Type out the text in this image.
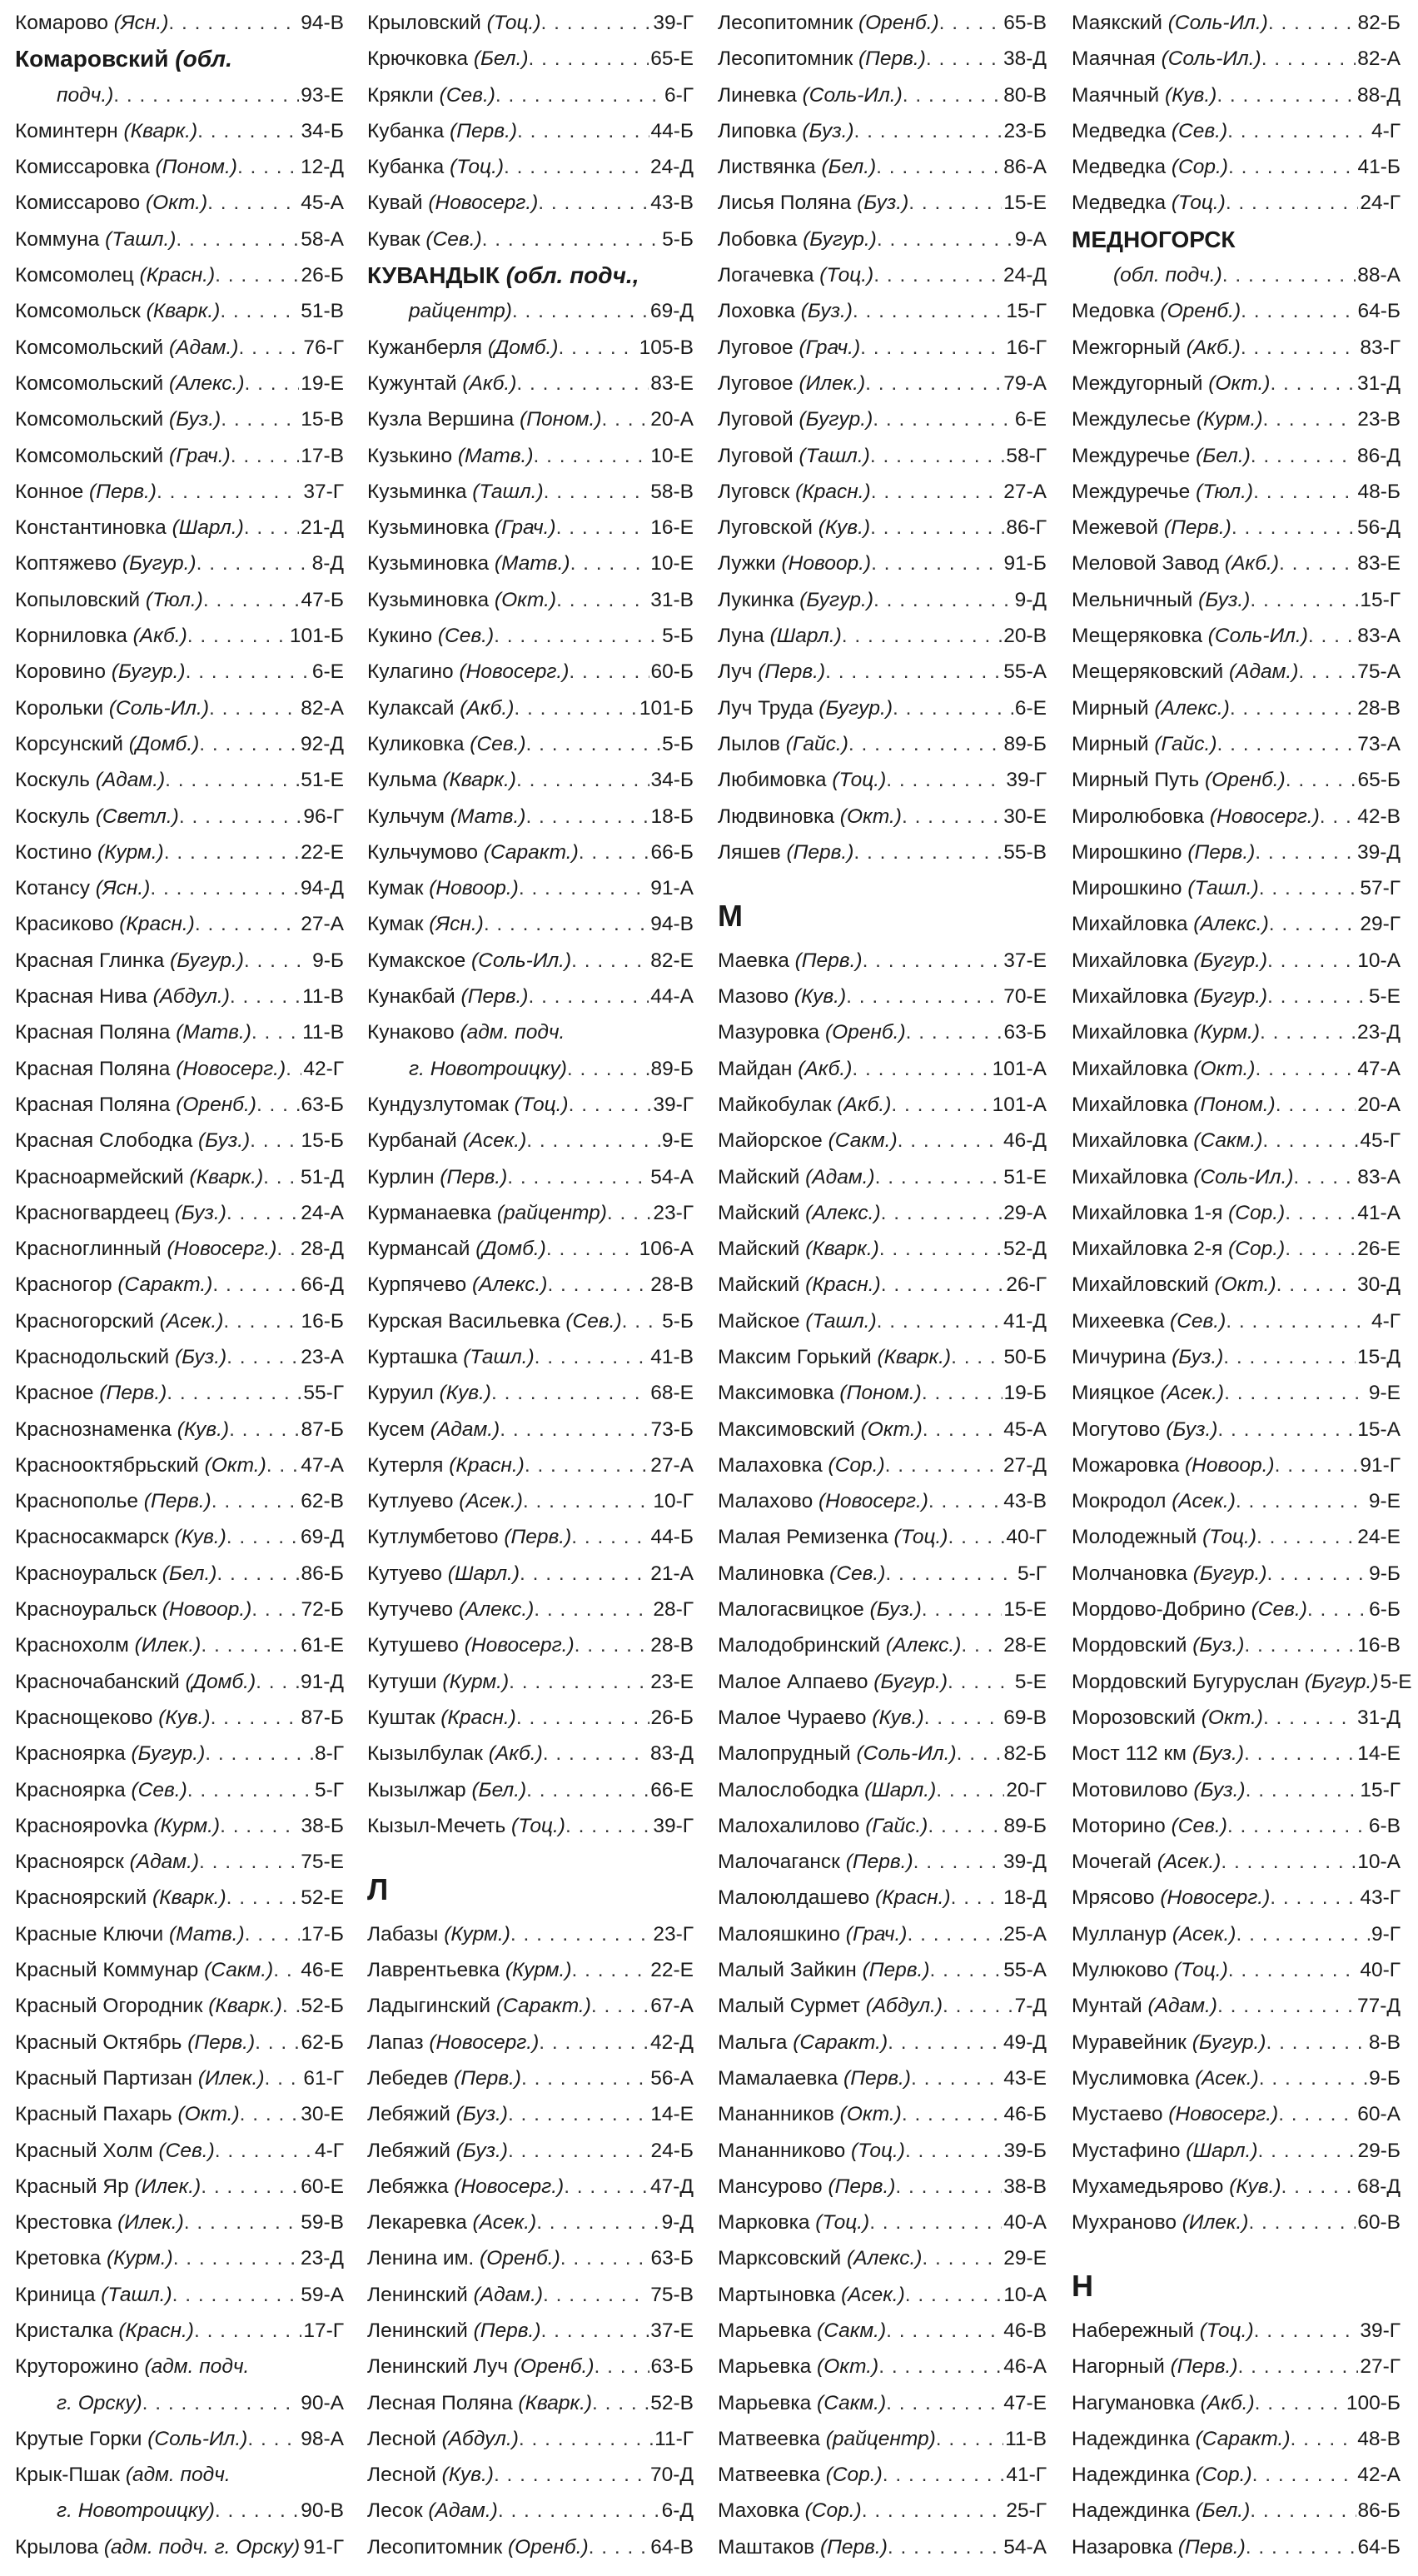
Комарово (Ясн.) . . .	94-В
Комаровский (обл.
подч.) . . .	93-Е
Коминтерн (Кварк.) . . .	34-Б
Комиссаровка (Поном.) . . .	12-Д
Комиссарово (Окт.) . . .	45-А
Коммуна (Ташл.) . . .	58-А
Комсомолец (Красн.) . . .	26-Б
Комсомольск (Кварк.) . . .	51-В
Комсомольский (Адам.) . . .	76-Г
Комсомольский (Алекс.) . . .	19-Е
Комсомольский (Буз.) . . .	15-В
Комсомольский (Грач.) . . .	17-В
Конное (Перв.) . . .	37-Г
Константиновка (Шарл.) . . .	21-Д
Коптяжево (Бугур.) . . .	8-Д
Копыловский (Тюл.) . . .	47-Б
Корниловка (Акб.) . . .	101-Б
Коровино (Бугур.) . . .	6-Е
Корольки (Соль-Ил.) . . .	82-А
Корсунский (Домб.) . . .	92-Д
Коскуль (Адам.) . . .	51-Е
Коскуль (Светл.) . . .	96-Г
Костино (Курм.) . . .	22-Е
Котансу (Ясн.) . . .	94-Д
Красиково (Красн.) . . .	27-А
Красная Глинка (Бугур.) . . .	9-Б
Красная Нива (Абдул.) . . .	11-В
Красная Поляна (Матв.) . . . 11-В
Красная Поляна (Новосерг.) . . . 42-Г
Красная Поляна (Оренб.) . . . 63-Б
Красная Слободка (Буз.) . . .	15-Б
Красноармейский (Кварк.) . . . 51-Д
Красногвардеец (Буз.) . . .	24-А
Красноглинный (Новосерг.) . . . 28-Д
Красногор (Саракт.) . . .	66-Д
Красногорский (Асек.) . . .	16-Б
Краснодольский (Буз.) . . .	23-А
Красное (Перв.) . . .	55-Г
Краснознаменка (Кув.) . . .	87-Б
Краснооктябрьский (Окт.) . . . 47-А
Краснополье (Перв.) . . .	62-В
Красносакмарск (Кув.) . . .	69-Д
Красноуральск (Бел.) . . .	86-Б
Красноуральск (Новоор.) . . . 72-Б
Краснохолм (Илек.) . . .	61-Е
Красночабанский (Домб.) . . . 91-Д
Краснощеково (Кув.) . . .	87-Б
Красноярка (Бугур.) . . .	8-Г
Красноярка (Сев.) . . .	5-Г
Красноярovka (Курм.) . . .	38-Б
Красноярск (Адам.) . . .	75-Е
Красноярский (Кварк.) . . .	52-Е
Красные Ключи (Матв.) . . .	17-Б
Красный Коммунар (Сакм.) . . . 46-Е
Красный Огородник (Кварк.) . . . 52-Б
Красный Октябрь (Перв.) . . . 62-Б
Красный Партизан (Илек.) . . . 61-Г
Красный Пахарь (Окт.) . . .	30-Е
Красный Холм (Сев.) . . .	4-Г
Красный Яр (Илек.) . . .	60-Е
Крестовка (Илек.) . . .	59-В
Кретовка (Курм.) . . .	23-Д
Криница (Ташл.) . . .	59-А
Кристалка (Красн.) . . .	17-Г
Круторожино (адм. подч.
г. Орску) . . .	90-А
Крутые Горки (Соль-Ил.) . . .	98-А
Крык-Пшак (адм. подч.
г. Новотроицку) . . .	90-В
Крылова (адм. подч. г. Орску) . . . 91-Г
Крыловский (Тоц.) . . .	39-Г
Крючковка (Бел.) . . .	65-Е
Крякли (Сев.) . . .	6-Г
Кубанка (Перв.) . . .	44-Б
Кубанка (Тоц.) . . .	24-Д
Кувай (Новосерг.) . . .	43-В
Кувак (Сев.) . . .	5-Б
КУВАНДЫК (обл. подч.,
райцентр) . . .	69-Д
Кужанберля (Домб.) . . .	105-В
Кужунтай (Акб.) . . .	83-Е
Кузла Вершина (Поном.) . . . 20-А
Кузькино (Матв.) . . .	10-Е
Кузьминка (Ташл.) . . .	58-В
Кузьминовка (Грач.) . . .	16-Е
Кузьминовка (Матв.) . . .	10-Е
Кузьминовка (Окт.) . . .	31-В
Кукино (Сев.) . . .	5-Б
Кулагино (Новосерг.) . . .	60-Б
Кулаксай (Акб.) . . .	101-Б
Куликовка (Сев.) . . .	5-Б
Кульма (Кварк.) . . .	34-Б
Кульчум (Матв.) . . .	18-Б
Кульчумово (Саракт.) . . .	66-Б
Кумак (Новоор.) . . .	91-А
Кумак (Ясн.) . . .	94-В
Кумакское (Соль-Ил.) . . .	82-Е
Кунакбай (Перв.) . . .	44-А
Кунаково (адм. подч.
г. Новотроицку) . . .	89-Б
Кундузлутомак (Тоц.) . . .	39-Г
Курбанай (Асек.) . . .	9-Е
Курлин (Перв.) . . .	54-А
Курманаевка (райцентр) . . . 23-Г
Курмансай (Домб.) . . .	106-А
Курпячево (Алекс.) . . .	28-В
Курская Васильевка (Сев.) . . . 5-Б
Курташка (Ташл.) . . .	41-В
Куруил (Кув.) . . .	68-Е
Кусем (Адам.) . . .	73-Б
Кутерля (Красн.) . . .	27-А
Кутлуево (Асек.) . . .	10-Г
Кутлумбетово (Перв.) . . .	44-Б
Кутуево (Шарл.) . . .	21-А
Кутучево (Алекс.) . . .	28-Г
Кутушево (Новосерг.) . . .	28-В
Кутуши (Курм.) . . .	23-Е
Куштак (Красн.) . . .	26-Б
Кызылбулак (Акб.) . . .	83-Д
Кызылжар (Бел.) . . .	66-Е
Кызыл-Мечеть (Тоц.) . . .	39-Г
Л
Лабазы (Курм.) . . .	23-Г
Лаврентьевка (Курм.) . . .	22-Е
Ладыгинский (Саракт.) . . .	67-А
Лапаз (Новосерг.) . . .	42-Д
Лебедев (Перв.) . . .	56-А
Лебяжий (Буз.) . . .	14-Е
Лебяжий (Буз.) . . .	24-Б
Лебяжка (Новосерг.) . . .	47-Д
Лекаревка (Асек.) . . .	9-Д
Ленина им. (Оренб.) . . .	63-Б
Ленинский (Адам.) . . .	75-В
Ленинский (Перв.) . . .	37-Е
Ленинский Луч (Оренб.) . . .	63-Б
Лесная Поляна (Кварк.) . . .	52-В
Лесной (Абдул.) . . .	11-Г
Лесной (Кув.) . . .	70-Д
Лесок (Адам.) . . .	6-Д
Лесопитомник (Оренб.) . . .	64-В
Лесопитомник (Оренб.) . . .	65-В
Лесопитомник (Перв.) . . .	38-Д
Линевка (Соль-Ил.) . . .	80-В
Липовка (Буз.) . . .	23-Б
Листвянка (Бел.) . . .	86-А
Лисья Поляна (Буз.) . . .	15-Е
Лобовка (Бугур.) . . .	9-А
Логачевка (Тоц.) . . .	24-Д
Лоховка (Буз.) . . .	15-Г
Луговое (Грач.) . . .	16-Г
Луговое (Илек.) . . .	79-А
Луговой (Бугур.) . . .	6-Е
Луговой (Ташл.) . . .	58-Г
Луговск (Красн.) . . .	27-А
Луговской (Кув.) . . .	86-Г
Лужки (Новоор.) . . .	91-Б
Лукинка (Бугур.) . . .	9-Д
Луна (Шарл.) . . .	20-В
Луч (Перв.) . . .	55-А
Луч Труда (Бугур.) . . .	6-Е
Лылов (Гайс.) . . .	89-Б
Любимовка (Тоц.) . . .	39-Г
Людвиновка (Окт.) . . .	30-Е
Ляшев (Перв.) . . .	55-В
М
Маевка (Перв.) . . .	37-Е
Мазово (Кув.) . . .	70-Е
Мазуровка (Оренб.) . . .	63-Б
Майдан (Акб.) . . .	101-А
Майкобулак (Акб.) . . .	101-А
Майорское (Сакм.) . . .	46-Д
Майский (Адам.) . . .	51-Е
Майский (Алекс.) . . .	29-А
Майский (Кварк.) . . .	52-Д
Майский (Красн.) . . .	26-Г
Майское (Ташл.) . . .	41-Д
Максим Горький (Кварк.) . . .	50-Б
Максимовка (Поном.) . . .	19-Б
Максимовский (Окт.) . . .	45-А
Малаховка (Сор.) . . .	27-Д
Малахово (Новосерг.) . . .	43-В
Малая Ремизенка (Тоц.) . . .	40-Г
Малиновка (Сев.) . . .	5-Г
Малогасвицкое (Буз.) . . .	15-Е
Малодобринский (Алекс.) . . . 28-Е
Малое Алпаево (Бугур.) . . .	5-Е
Малое Чураево (Кув.) . . .	69-В
Малопрудный (Соль-Ил.) . . . 82-Б
Малослободка (Шарл.) . . .	20-Г
Малохалилово (Гайс.) . . .	89-Б
Малочаганск (Перв.) . . .	39-Д
Малоюлдашево (Красн.) . . .	18-Д
Малояшкино (Грач.) . . .	25-А
Малый Зайкин (Перв.) . . .	55-А
Малый Сурмет (Абдул.) . . .	7-Д
Мальга (Саракт.) . . .	49-Д
Мамалаевка (Перв.) . . .	43-Е
Мананников (Окт.) . . .	46-Б
Мананниково (Тоц.) . . .	39-Б
Мансурово (Перв.) . . .	38-В
Марковка (Тоц.) . . .	40-А
Марксовский (Алекс.) . . .	29-Е
Мартыновка (Асек.) . . .	10-А
Марьевка (Сакм.) . . .	46-В
Марьевка (Окт.) . . .	46-А
Марьевка (Сакм.) . . .	47-Е
Матвеевка (райцентр) . . .	11-В
Матвеевка (Сор.) . . .	41-Г
Маховка (Сор.) . . .	25-Г
Маштаков (Перв.) . . .	54-А
Маякский (Соль-Ил.) . . .	82-Б
Маячная (Соль-Ил.) . . .	82-А
Маячный (Кув.) . . .	88-Д
Медведка (Сев.) . . .	4-Г
Медведка (Сор.) . . .	41-Б
Медведка (Тоц.) . . .	24-Г
МЕДНОГОРСК
(обл. подч.) . . .	88-А
Медовка (Оренб.) . . .	64-Б
Межгорный (Акб.) . . .	83-Г
Междугорный (Окт.) . . .	31-Д
Междулесье (Курм.) . . .	23-В
Междуречье (Бел.) . . .	86-Д
Междуречье (Тюл.) . . .	48-Б
Межевой (Перв.) . . .	56-Д
Меловой Завод (Акб.) . . .	83-Е
Мельничный (Буз.) . . .	15-Г
Мещеряковка (Соль-Ил.) . . . 83-А
Мещеряковский (Адам.) . . .	75-А
Мирный (Алекс.) . . .	28-В
Мирный (Гайс.) . . .	73-А
Мирный Путь (Оренб.) . . .	65-Б
Миролюбовка (Новосерг.) . . . 42-В
Мирошкино (Перв.) . . .	39-Д
Мирошкино (Ташл.) . . .	57-Г
Михайловка (Алекс.) . . .	29-Г
Михайловка (Бугур.) . . .	10-А
Михайловка (Бугур.) . . .	5-Е
Михайловка (Курм.) . . .	23-Д
Михайловка (Окт.) . . .	47-А
Михайловка (Поном.) . . .	20-А
Михайловка (Сакм.) . . .	45-Г
Михайловка (Соль-Ил.) . . .	83-А
Михайловка 1-я (Сор.) . . .	41-А
Михайловка 2-я (Сор.) . . .	26-Е
Михайловский (Окт.) . . .	30-Д
Михеевка (Сев.) . . .	4-Г
Мичурина (Буз.) . . .	15-Д
Мияцкое (Асек.) . . .	9-Е
Могутово (Буз.) . . .	15-А
Можаровка (Новоор.) . . .	91-Г
Мокродол (Асек.) . . .	9-Е
Молодежный (Тоц.) . . .	24-Е
Молчановка (Бугур.) . . .	9-Б
Мордово-Добрино (Сев.) . . .	6-Б
Мордовский (Буз.) . . .	16-В
Мордовский Бугуруслан (Бугур.) 5-Е
Морозовский (Окт.) . . .	31-Д
Мост 112 км (Буз.) . . .	14-Е
Мотовилово (Буз.) . . .	15-Г
Моторино (Сев.) . . .	6-В
Мочегай (Асек.) . . .	10-А
Мрясово (Новосерг.) . . .	43-Г
Муллануp (Асек.) . . .	9-Г
Мулюково (Тоц.) . . .	40-Г
Мунтай (Адам.) . . .	77-Д
Муравейник (Бугур.) . . .	8-В
Муслимовка (Асек.) . . .	9-Б
Мустаево (Новосерг.) . . .	60-А
Мустафино (Шарл.) . . .	29-Б
Мухамедьярово (Кув.) . . .	68-Д
Мухраново (Илек.) . . .	60-В
Н
Набережный (Тоц.) . . .	39-Г
Нагорный (Перв.) . . .	27-Г
Нагумановка (Акб.) . . .	100-Б
Надеждинка (Саракт.) . . .	48-В
Надеждинка (Сор.) . . .	42-А
Надеждинка (Бел.) . . .	86-Б
Назаровка (Перв.) . . .	64-Б
